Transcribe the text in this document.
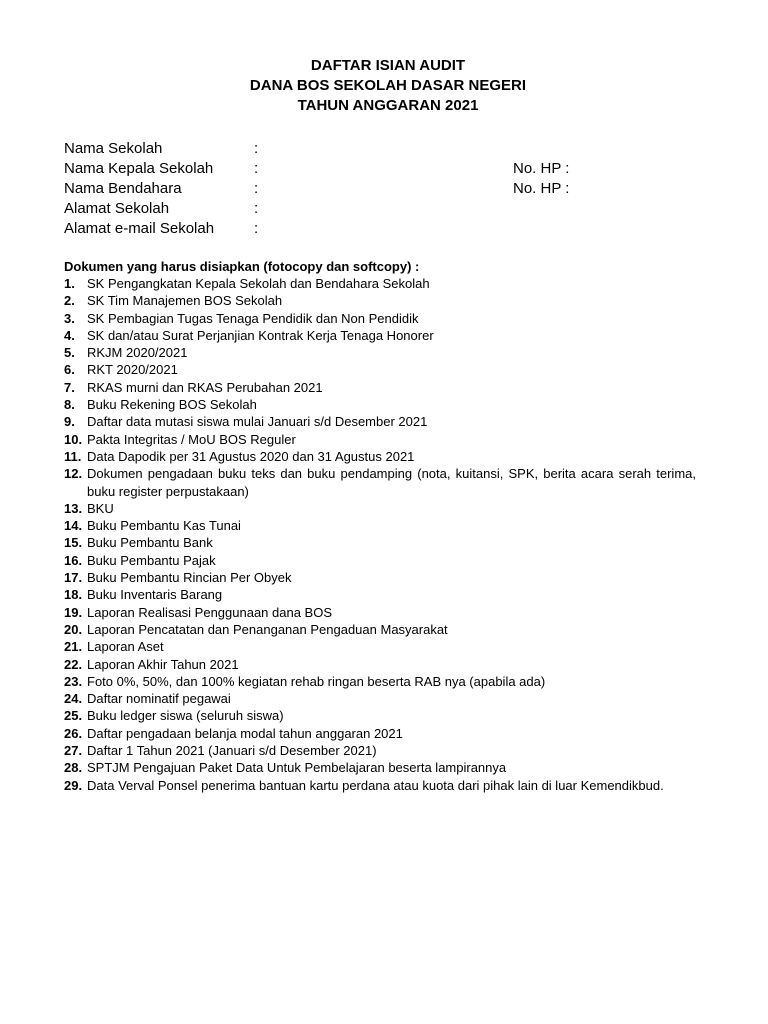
DAFTAR ISIAN AUDIT
DANA BOS SEKOLAH DASAR NEGERI
TAHUN ANGGARAN 2021
Nama Sekolah	:
Nama Kepala Sekolah	:	No. HP :
Nama Bendahara	:	No. HP :
Alamat Sekolah	:
Alamat e-mail Sekolah	:
Dokumen yang harus disiapkan (fotocopy dan softcopy) :
1. SK Pengangkatan Kepala Sekolah dan Bendahara Sekolah
2. SK Tim Manajemen BOS Sekolah
3. SK Pembagian Tugas Tenaga Pendidik dan Non Pendidik
4. SK dan/atau Surat Perjanjian Kontrak Kerja Tenaga Honorer
5. RKJM 2020/2021
6. RKT 2020/2021
7. RKAS murni dan RKAS Perubahan 2021
8. Buku Rekening BOS Sekolah
9. Daftar data mutasi siswa mulai Januari s/d Desember 2021
10. Pakta Integritas / MoU BOS Reguler
11. Data Dapodik per 31 Agustus 2020 dan 31 Agustus 2021
12. Dokumen pengadaan buku teks dan buku pendamping (nota, kuitansi, SPK, berita acara serah terima, buku register perpustakaan)
13. BKU
14. Buku Pembantu Kas Tunai
15. Buku Pembantu Bank
16. Buku Pembantu Pajak
17. Buku Pembantu Rincian Per Obyek
18. Buku Inventaris Barang
19. Laporan Realisasi Penggunaan dana BOS
20. Laporan Pencatatan dan Penanganan Pengaduan Masyarakat
21. Laporan Aset
22. Laporan Akhir Tahun 2021
23. Foto 0%, 50%, dan 100% kegiatan rehab ringan beserta RAB nya (apabila ada)
24. Daftar nominatif pegawai
25. Buku ledger siswa (seluruh siswa)
26. Daftar pengadaan belanja modal tahun anggaran 2021
27. Daftar 1 Tahun 2021 (Januari s/d Desember 2021)
28. SPTJM Pengajuan Paket Data Untuk Pembelajaran beserta lampirannya
29. Data Verval Ponsel penerima bantuan kartu perdana atau kuota dari pihak lain di luar Kemendikbud.
